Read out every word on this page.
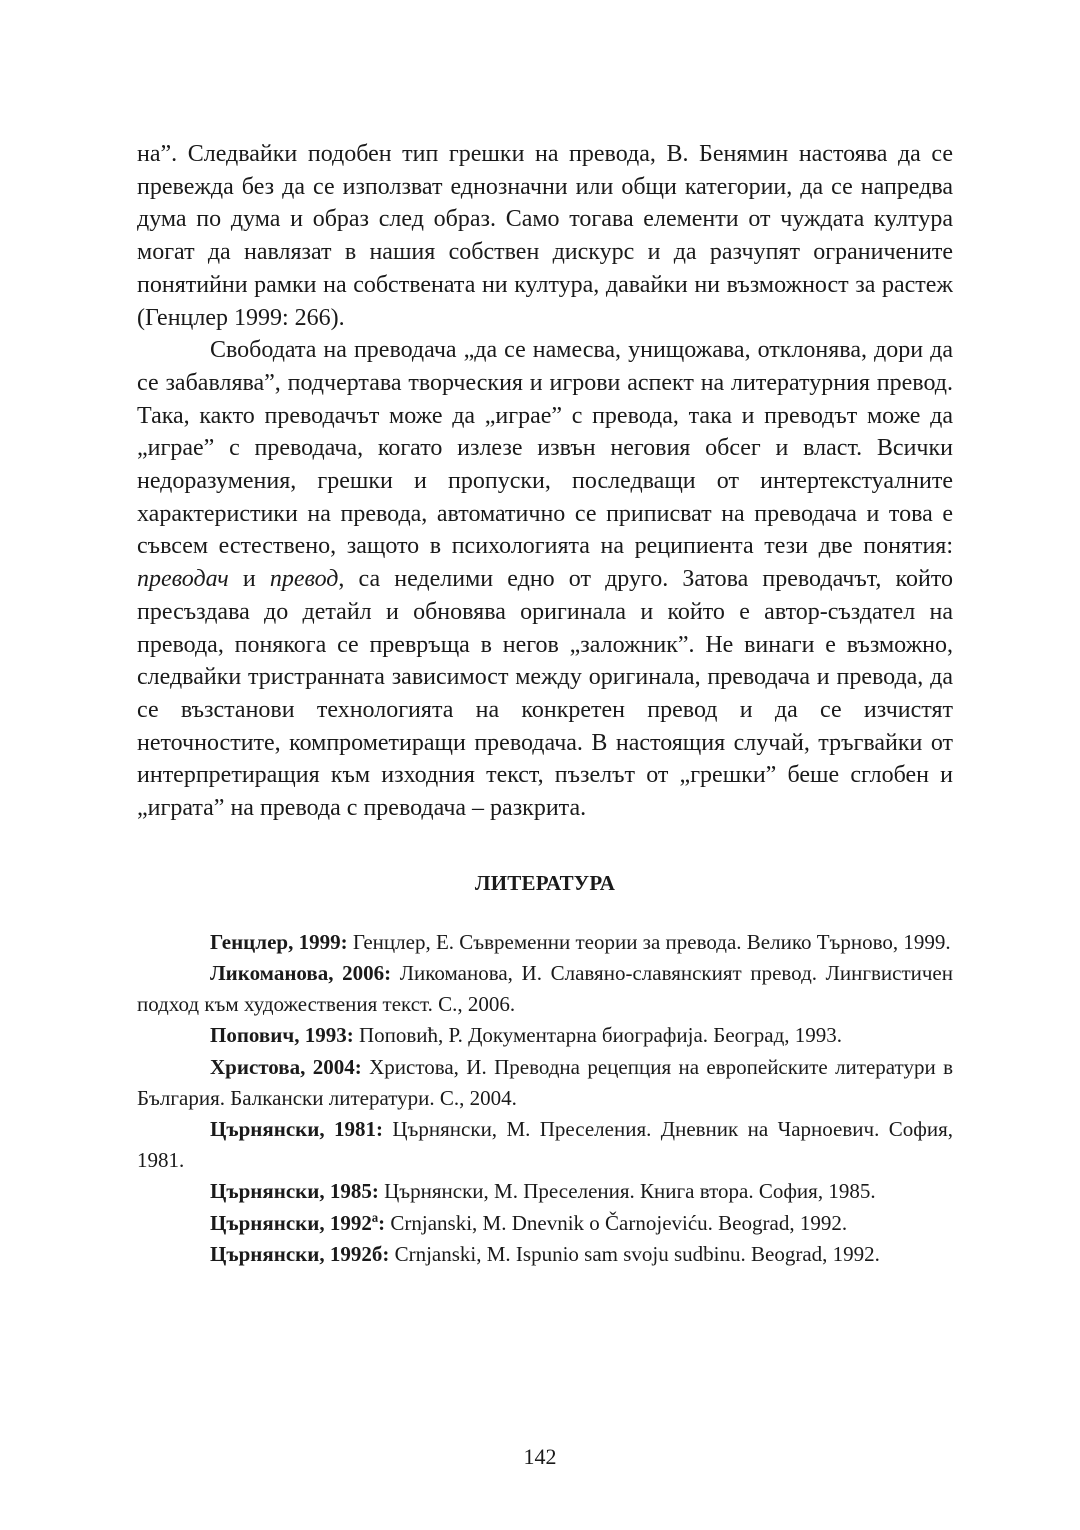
на”. Следвайки подобен тип грешки на превода, В. Бенямин настоява да се превежда без да се използват еднозначни или общи категории, да се напредва дума по дума и образ след образ. Само тогава елементи от чуждата култура могат да навлязат в нашия собствен дискурс и да разчупят ограничените понятийни рамки на собствената ни култура, давайки ни възможност за растеж (Генцлер 1999: 266).

Свободата на преводача „да се намесва, унищожава, отклонява, дори да се забавлява”, подчертава творческия и игрови аспект на литературния превод. Така, както преводачът може да „играе” с превода, така и преводът може да „играе” с преводача, когато излезе извън неговия обсег и власт. Всички недоразумения, грешки и пропуски, последващи от интертекстуалните характеристики на превода, автоматично се приписват на преводача и това е съвсем естествено, защото в психологията на реципиента тези две понятия: преводач и превод, са неделими едно от друго. Затова преводачът, който пресъздава до детайл и обновява оригинала и който е автор-създател на превода, понякога се превръща в негов „заложник”. Не винаги е възможно, следвайки тристранната зависимост между оригинала, преводача и превода, да се възстанови технологията на конкретен превод и да се изчистят неточностите, компрометиращи преводача. В настоящия случай, тръгвайки от интерпретиращия към изходния текст, пъзелът от „грешки” беше сглобен и „играта” на превода с преводача – разкрита.

ЛИТЕРАТУРА

Генцлер, 1999: Генцлер, Е. Съвременни теории за превода. Велико Търново, 1999.

Ликоманова, 2006: Ликоманова, И. Славяно-славянският превод. Лингвистичен подход към художествения текст. С., 2006.

Попович, 1993: Поповић, Р. Документарна биографија. Београд, 1993.

Христова, 2004: Христова, И. Преводна рецепция на европейските литератури в България. Балкански литератури. С., 2004.

Църнянски, 1981: Църнянски, М. Преселения. Дневник на Чарноевич. София, 1981.

Църнянски, 1985: Църнянски, М. Преселения. Книга втора. София, 1985.

Църнянски, 1992ª: Crnjanski, M. Dnevnik o Čarnojeviću. Beograd, 1992.

Църнянски, 1992б: Crnjanski, M. Ispunio sam svoju sudbinu. Beograd, 1992.

142
